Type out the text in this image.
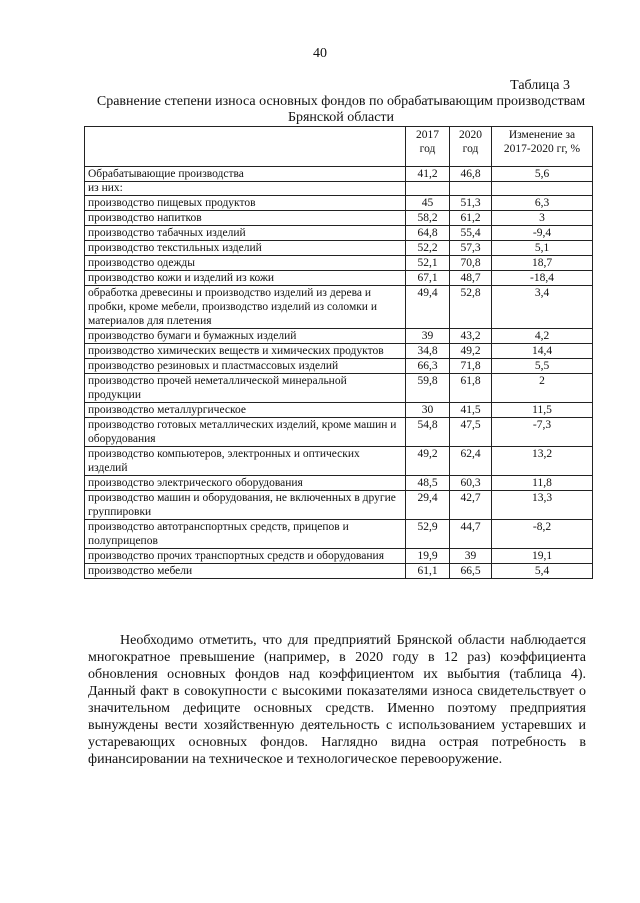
40
Таблица 3
Сравнение степени износа основных фондов по обрабатывающим производствам Брянской области
	2017 год	2020 год	Изменение за 2017-2020 гг, %
Обрабатывающие производства	41,2	46,8	5,6
из них:			
производство пищевых продуктов	45	51,3	6,3
производство напитков	58,2	61,2	3
производство табачных изделий	64,8	55,4	-9,4
производство текстильных изделий	52,2	57,3	5,1
производство одежды	52,1	70,8	18,7
производство кожи и изделий из кожи	67,1	48,7	-18,4
обработка древесины и производство изделий из дерева и пробки, кроме мебели, производство изделий из соломки и материалов для плетения	49,4	52,8	3,4
производство бумаги и бумажных изделий	39	43,2	4,2
производство химических веществ и химических продуктов	34,8	49,2	14,4
производство резиновых и пластмассовых изделий	66,3	71,8	5,5
производство прочей неметаллической минеральной продукции	59,8	61,8	2
производство металлургическое	30	41,5	11,5
производство готовых металлических изделий, кроме машин и оборудования	54,8	47,5	-7,3
производство компьютеров, электронных и оптических изделий	49,2	62,4	13,2
производство электрического оборудования	48,5	60,3	11,8
производство машин и оборудования, не включенных в другие группировки	29,4	42,7	13,3
производство автотранспортных средств, прицепов и полуприцепов	52,9	44,7	-8,2
производство прочих транспортных средств и оборудования	19,9	39	19,1
производство мебели	61,1	66,5	5,4

Необходимо отметить, что для предприятий Брянской области наблюдается многократное превышение (например, в 2020 году в 12 раз) коэффициента обновления основных фондов над коэффициентом их выбытия (таблица 4). Данный факт в совокупности с высокими показателями износа свидетельствует о значительном дефиците основных средств. Именно поэтому предприятия вынуждены вести хозяйственную деятельность с использованием устаревших и устаревающих основных фондов. Наглядно видна острая потребность в финансировании на техническое и технологическое перевооружение.
